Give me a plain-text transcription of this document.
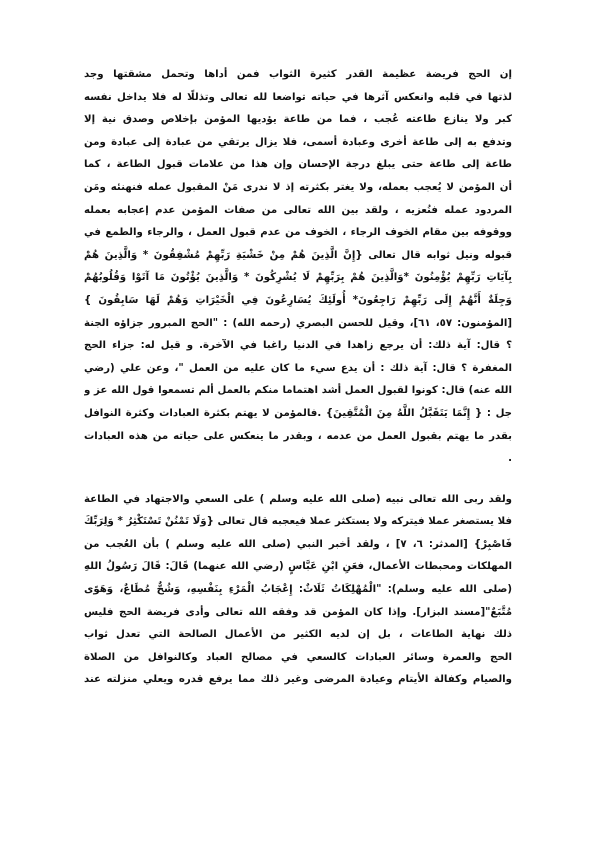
إن الحج فريضة عظيمة القدر كثيرة الثواب فمن أداها وتحمل مشقتها وجد
لذتها في قلبه وانعكس آثرها في حياته تواضعا لله تعالى وتذللًا له فلا يداخل نفسه
كبر ولا ينازع طاعته عُجب ، فما من طاعة يؤديها المؤمن بإخلاص وصدق نية إلا
وتدفع به إلى طاعة أخرى وعبادة أسمى، فلا يزال يرتقي من عبادة إلى عبادة ومن
طاعة إلى طاعة حتى يبلغ درجة الإحسان وإن هذا من علامات قبول الطاعة ، كما
أن المؤمن لا يُعجب بعمله، ولا يغتر بكثرته إذ لا ندرى مَنْ المقبول عمله فنهنئه ومَن
المردود عمله فنُعزيه ، ولقد بين الله تعالى من صفات المؤمن عدم إعجابه بعمله
ووقوفه بين مقام الخوف الرجاء ، الخوف من عدم قبول العمل ، والرجاء والطمع في
قبوله ونيل ثوابه قال تعالى {إِنَّ الَّذِينَ هُمْ مِنْ خَشْيَةِ رَبِّهِمْ مُشْفِقُونَ * وَالَّذِينَ هُمْ
بِآيَاتِ رَبِّهِمْ يُؤْمِنُونَ *وَالَّذِينَ هُمْ بِرَبِّهِمْ لَا يُشْرِكُونَ * وَالَّذِينَ يُؤْتُونَ مَا آتَوْا وَقُلُوبُهُمْ
وَجِلَةٌ أَنَّهُمْ إِلَى رَبِّهِمْ رَاجِعُونَ* أُولَئِكَ يُسَارِعُونَ فِي الْخَيْرَاتِ وَهُمْ لَهَا سَابِقُونَ }
[المؤمنون: ٥٧، ٦١]، وقيل للحسن البصري (رحمه الله) : "الحج المبرور جزاؤه الجنة
؟ قال: آية ذلك: أن يرجع زاهدا في الدنيا راغبا في الآخرة. و قيل له: جزاء الحج
المغفرة ؟ قال: آية ذلك : أن يدع سيء ما كان عليه من العمل "، وعن علي (رضي
الله عنه) قال: كونوا لقبول العمل أشد اهتماما منكم بالعمل ألم تسمعوا قول الله عز و
جل : { إِنَّمَا يَتَقَبَّلُ اللَّهُ مِنَ الْمُتَّقِينَ} .فالمؤمن لا يهتم بكثرة العبادات وكثرة النوافل
بقدر ما يهتم بقبول العمل من عدمه ، وبقدر ما ينعكس على حياته من هذه العبادات
.
ولقد ربى الله تعالى نبيه (صلى الله عليه وسلم ) على السعي والاجتهاد في الطاعة
فلا يستصغر عملا فيتركه ولا يستكثر عملا فيعجبه قال تعالى {وَلَا تَمْنُنْ تَسْتَكْثِرُ * وَلِرَبِّكَ
فَاصْبِرْ} [المدثر: ٦، ٧] ، ولقد أخبر النبي (صلى الله عليه وسلم ) بأن العُجب من
المهلكات ومحبطات الأعمال، فعَنِ ابْنِ عَبَّاسٍ (رضي الله عنهما) قَالَ: قَالَ رَسُولُ اللهِ
(صلى الله عليه وسلم): "الْمُهْلِكَاتُ ثَلَاثٌ: إِعْجَابُ الْمَرْءِ بِنَفْسِهِ، وَشُحٌّ مُطَاعٌ، وَهَوًى
مُتَّبَعٌ"[مسند البزار]. وإذا كان المؤمن قد وفقه الله تعالى وأدى فريضة الحج فليس
ذلك نهاية الطاعات ، بل إن لديه الكثير من الأعمال الصالحة التي تعدل ثواب
الحج والعمرة وسائر العبادات كالسعي في مصالح العباد وكالنوافل من الصلاة
والصيام وكفالة الأيتام وعيادة المرضى وغير ذلك مما يرفع قدره ويعلي منزلته عند
